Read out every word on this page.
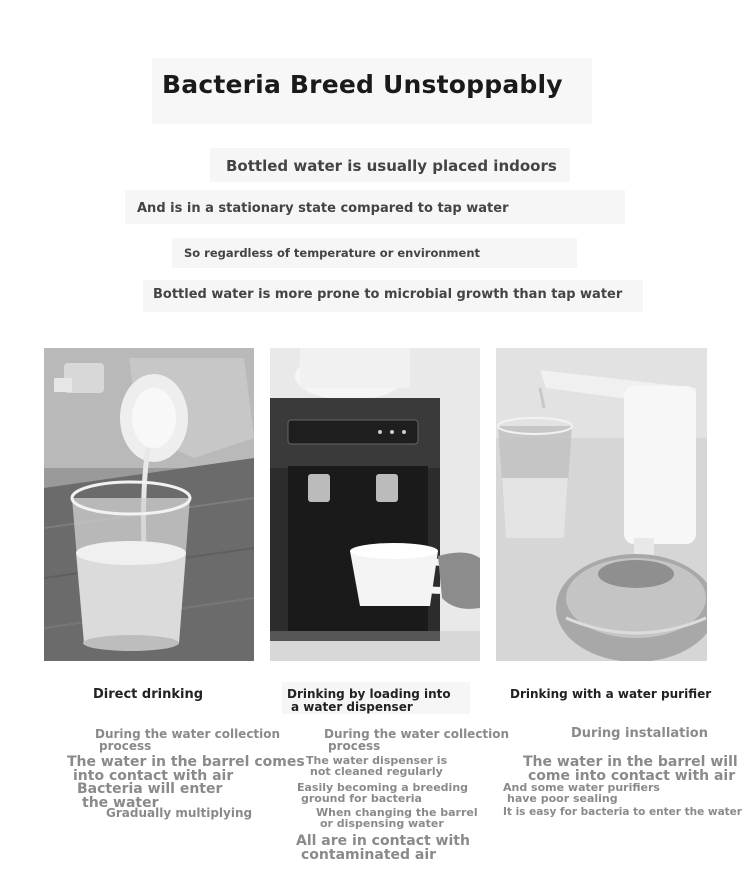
Bacteria Breed Unstoppably
Bottled water is usually placed indoors
And is in a stationary state compared to tap water
So regardless of temperature or environment
Bottled water is more prone to microbial growth than tap water
Direct drinking
During the water collection
process
The water in the barrel comes
into contact with air
Bacteria will enter
the water
Gradually multiplying
Drinking by loading into
a water dispenser
During the water collection
process
The water dispenser is
not cleaned regularly
Easily becoming a breeding
ground for bacteria
When changing the barrel
or dispensing water
All are in contact with
contaminated air
Drinking with a water purifier
During installation
The water in the barrel will
come into contact with air
And some water purifiers
have poor sealing
It is easy for bacteria to enter the water
